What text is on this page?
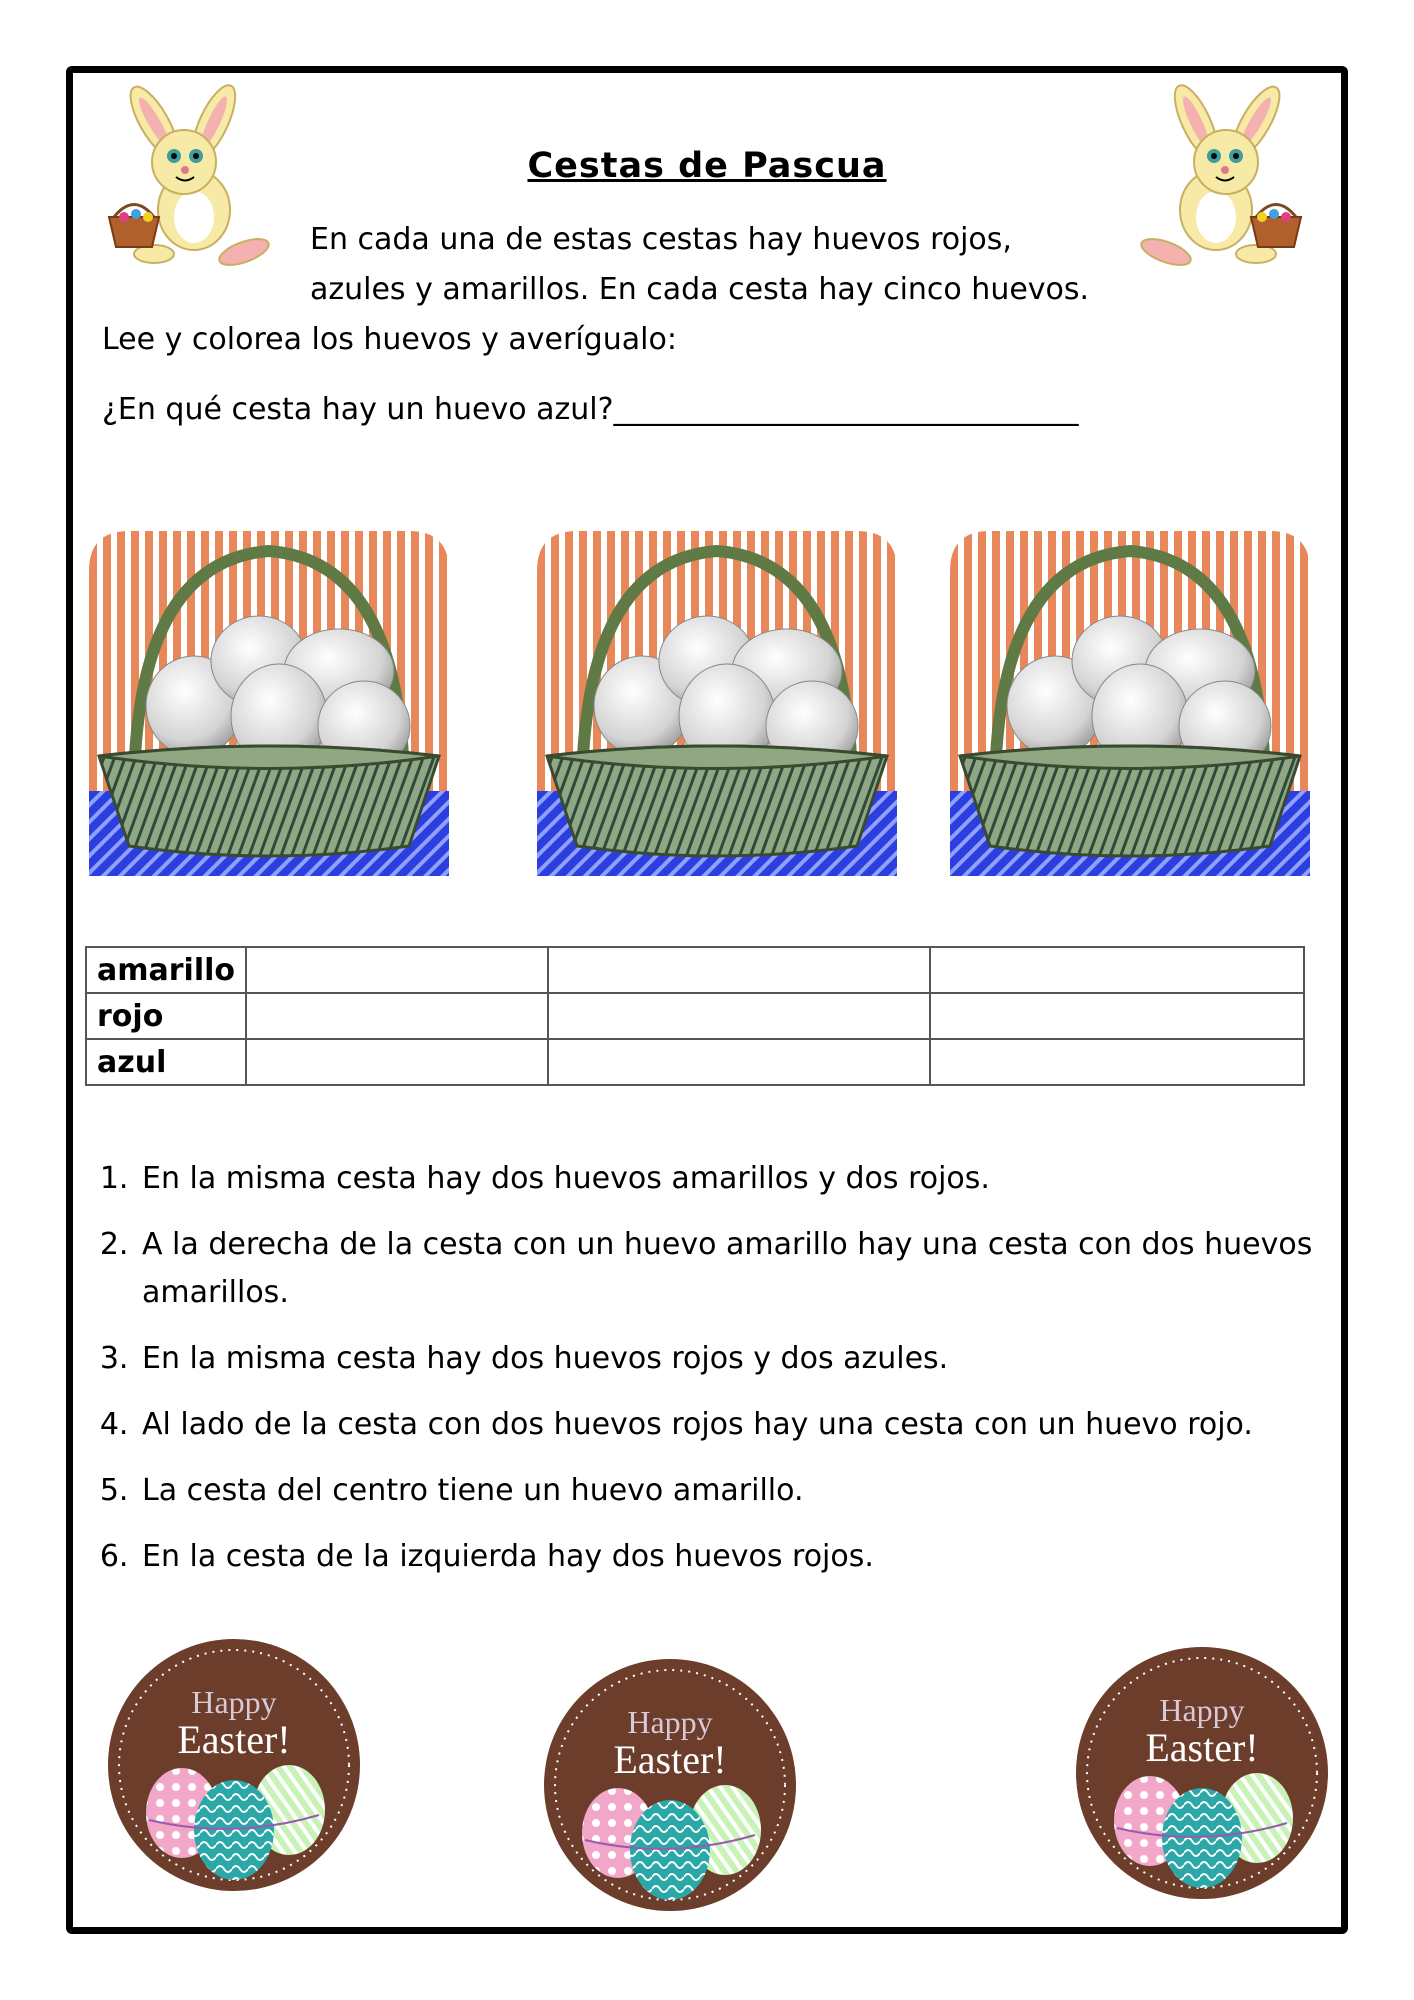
Cestas de Pascua
En cada una de estas cestas hay huevos rojos,
azules y amarillos. En cada cesta hay cinco huevos.
Lee y colorea los huevos y averígualo:
¿En qué cesta hay un huevo azul?_______________________________
amarillo			
rojo			
azul			
1. En la misma cesta hay dos huevos amarillos y dos rojos.
2. A la derecha de la cesta con un huevo amarillo hay una cesta con dos huevos amarillos.
3. En la misma cesta hay dos huevos rojos y dos azules.
4. Al lado de la cesta con dos huevos rojos hay una cesta con un huevo rojo.
5. La cesta del centro tiene un huevo amarillo.
6. En la cesta de la izquierda hay dos huevos rojos.
Happy
Easter!	Happy
Easter!
Happy
Easter!
